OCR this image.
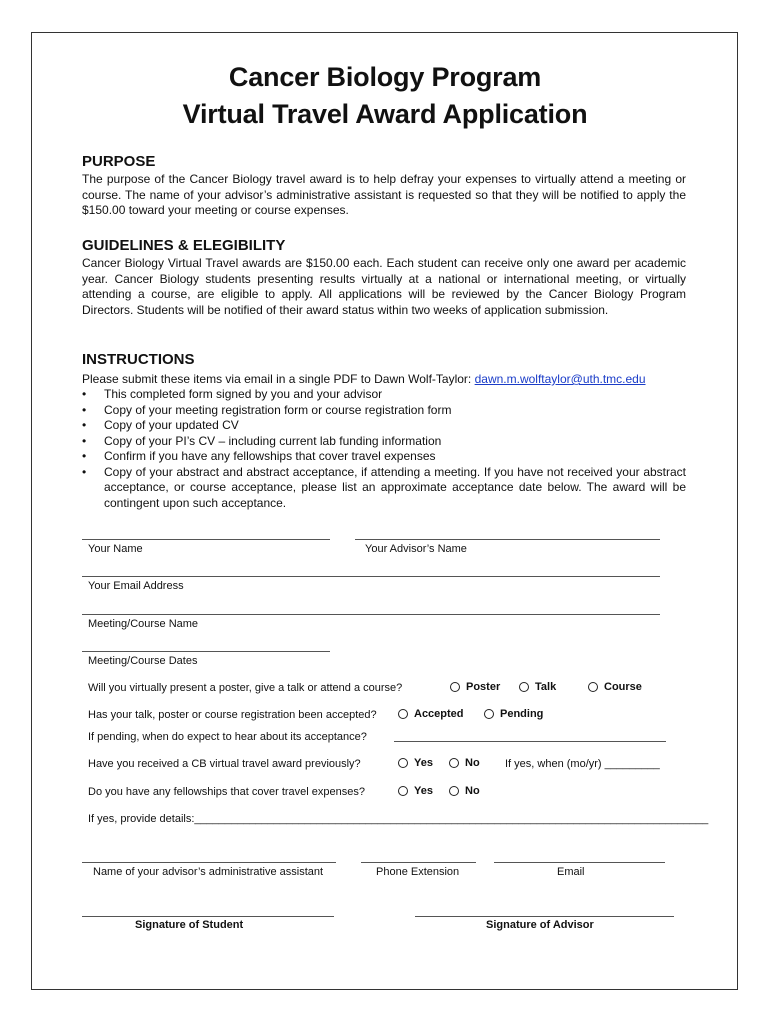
Cancer Biology Program
Virtual Travel Award Application
PURPOSE
The purpose of the Cancer Biology travel award is to help defray your expenses to virtually attend a meeting or course. The name of your advisor’s administrative assistant is requested so that they will be notified to apply the $150.00 toward your meeting or course expenses.
GUIDELINES & ELEGIBILITY
Cancer Biology Virtual Travel awards are $150.00 each. Each student can receive only one award per academic year. Cancer Biology students presenting results virtually at a national or international meeting, or virtually attending a course, are eligible to apply. All applications will be reviewed by the Cancer Biology Program Directors. Students will be notified of their award status within two weeks of application submission.
INSTRUCTIONS
Please submit these items via email in a single PDF to Dawn Wolf-Taylor: dawn.m.wolftaylor@uth.tmc.edu
• This completed form signed by you and your advisor
• Copy of your meeting registration form or course registration form
• Copy of your updated CV
• Copy of your PI’s CV – including current lab funding information
• Confirm if you have any fellowships that cover travel expenses
• Copy of your abstract and abstract acceptance, if attending a meeting. If you have not received your abstract acceptance, or course acceptance, please list an approximate acceptance date below. The award will be contingent upon such acceptance.
Your Name	Your Advisor’s Name
Your Email Address
Meeting/Course Name
Meeting/Course Dates
Will you virtually present a poster, give a talk or attend a course?	Poster	Talk	Course
Has your talk, poster or course registration been accepted?	Accepted	Pending
If pending, when do expect to hear about its acceptance?
Have you received a CB virtual travel award previously?	Yes	No If yes, when (mo/yr) _________
Do you have any fellowships that cover travel expenses?	Yes	No
If yes, provide details:____________________________________________________________________________________
Name of your advisor’s administrative assistant	Phone Extension	Email
Signature of Student	Signature of Advisor
